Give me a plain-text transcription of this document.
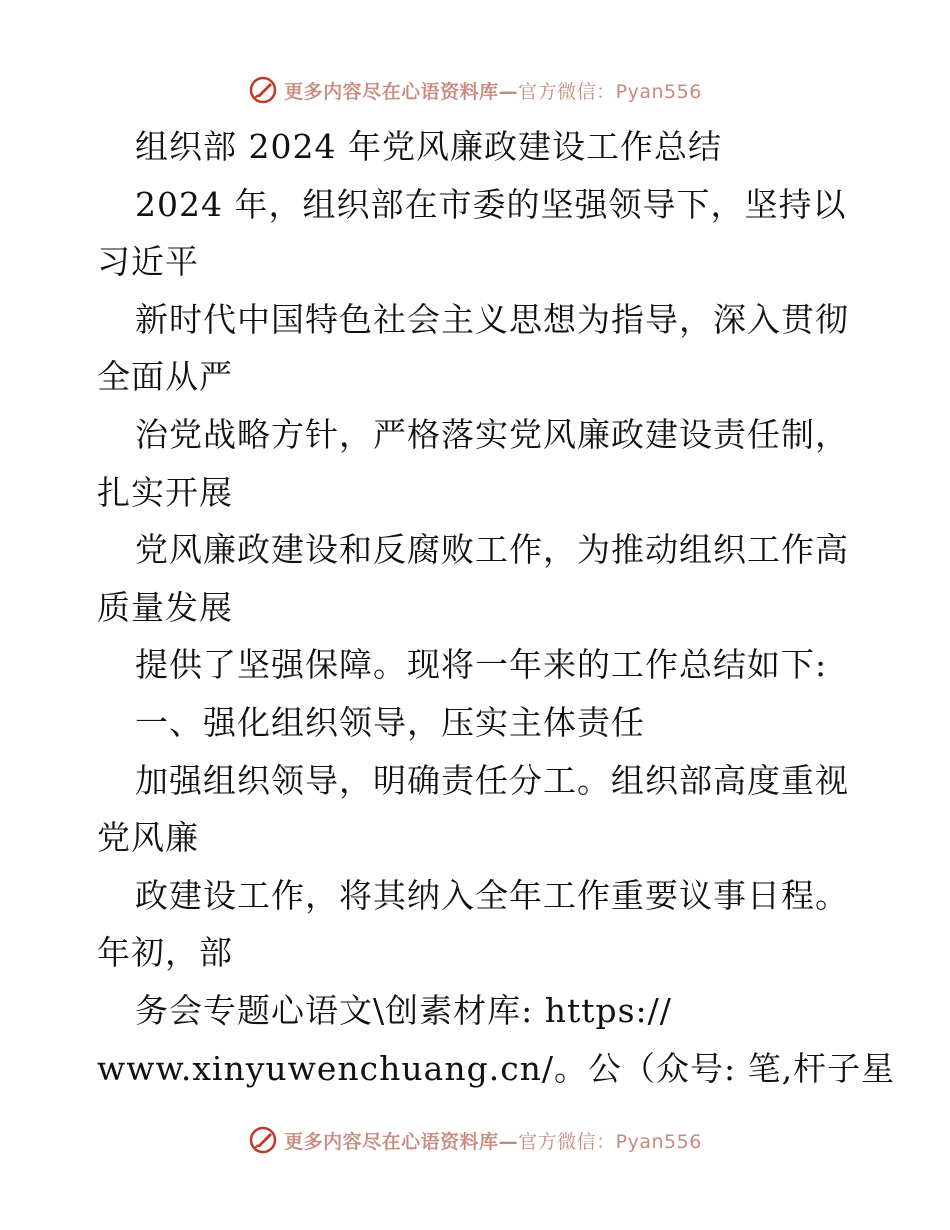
更多内容尽在心语资料库—官方微信：Pyan556
组织部 2024 年党风廉政建设工作总结
2024 年，组织部在市委的坚强领导下，坚持以
习近平
新时代中国特色社会主义思想为指导，深入贯彻
全面从严
治党战略方针，严格落实党风廉政建设责任制，
扎实开展
党风廉政建设和反腐败工作，为推动组织工作高
质量发展
提供了坚强保障。现将一年来的工作总结如下:
一、强化组织领导，压实主体责任
加强组织领导，明确责任分工。组织部高度重视
党风廉
政建设工作，将其纳入全年工作重要议事日程。
年初，部
务会专题心语文\创素材库: https://
www.xinyuwenchuang.cn/。公（众号: 笔,杆子星
更多内容尽在心语资料库—官方微信：Pyan556
